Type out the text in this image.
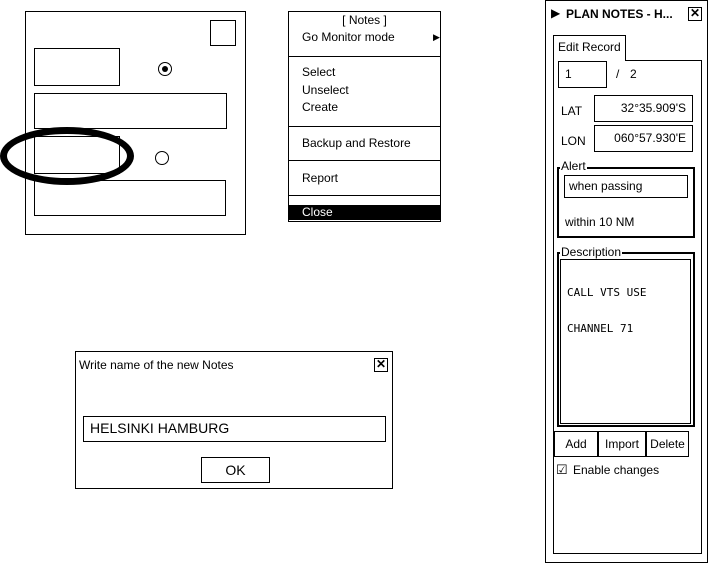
[ Notes ]
Go Monitor mode	▶
Select
Unselect
Create
Backup and Restore
Report
Close
Write name of the new Notes	✕
HELSINKI HAMBURG
OK
▶ PLAN NOTES - H... ✕
Edit Record
1	/ 2
LAT	32°35.909'S
LON	060°57.930'E
when passing
within 10 NM
Alert

CALL VTS USE

CHANNEL 71

Description
Add	Import Delete
☑ Enable changes
